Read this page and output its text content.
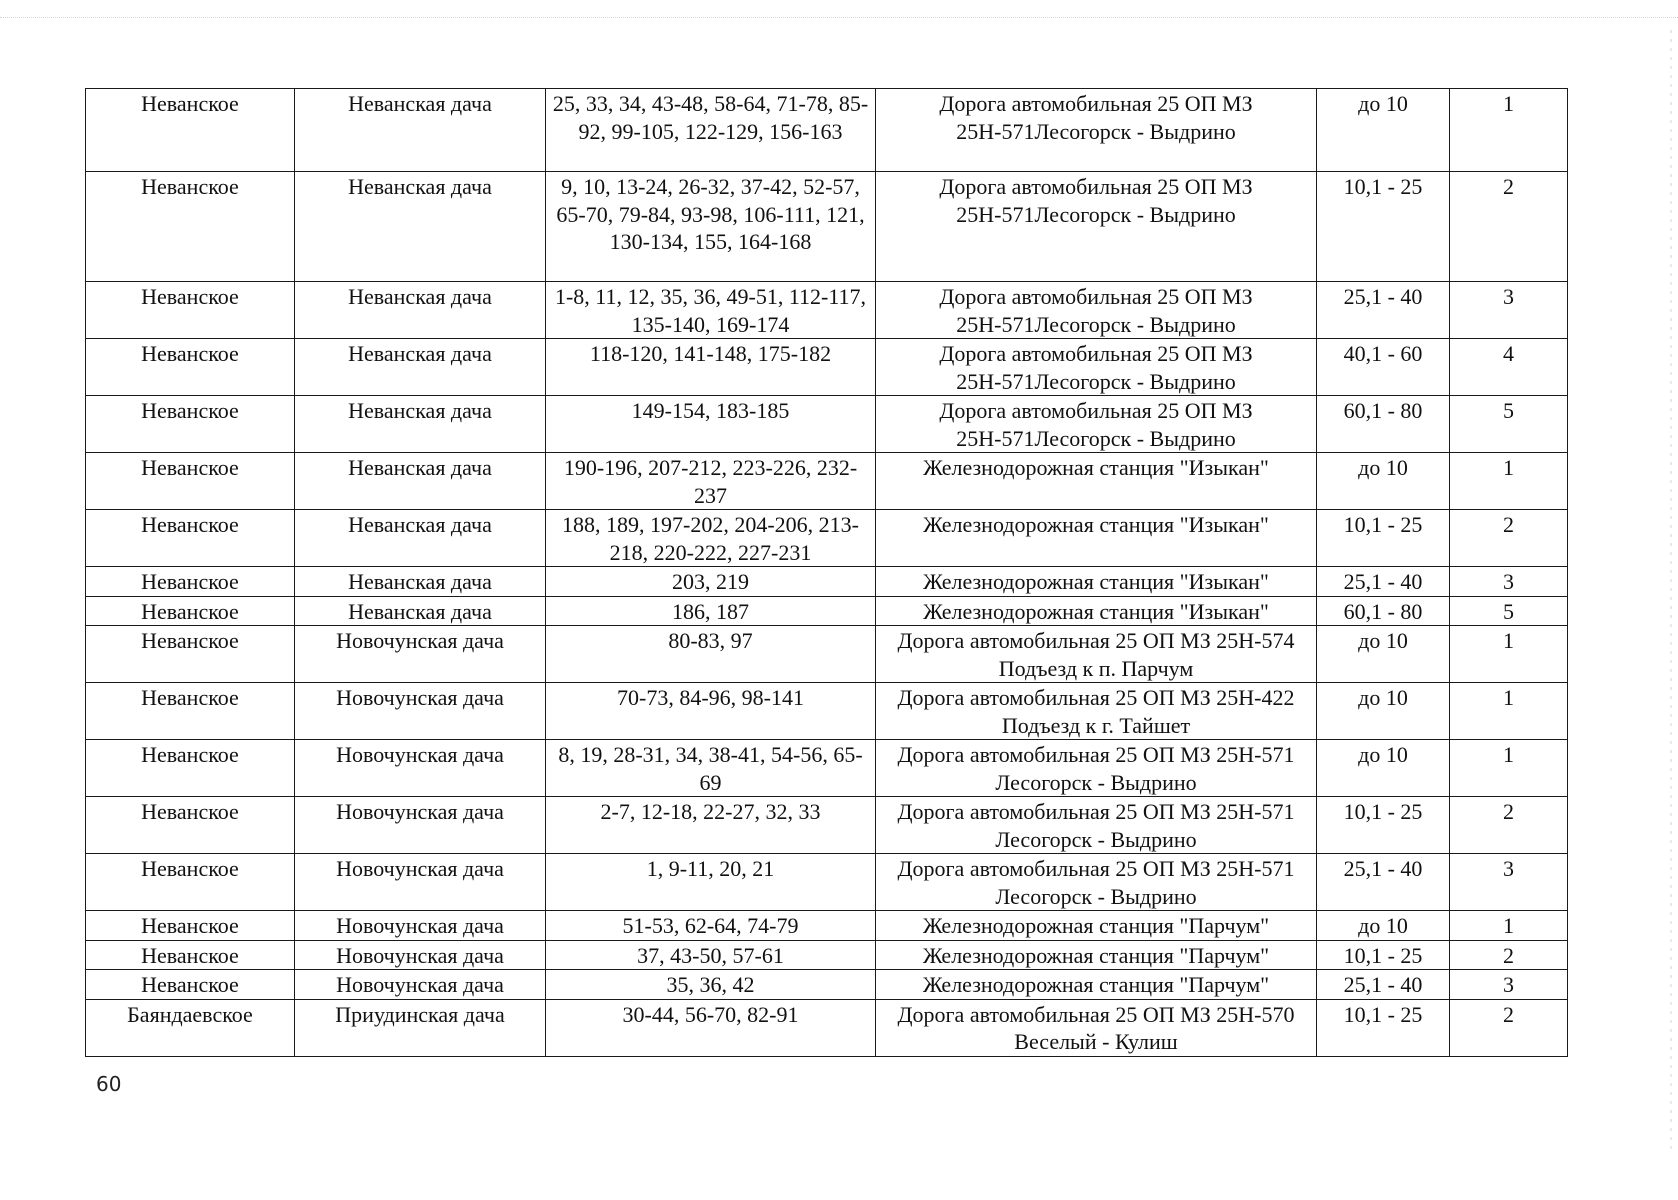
Неванское	Неванская дача	25, 33, 34, 43-48, 58-64, 71-78, 85-92, 99-105, 122-129, 156-163	Дорога автомобильная 25 ОП МЗ 25Н-571Лесогорск - Выдрино	до 10	1
Неванское	Неванская дача	9, 10, 13-24, 26-32, 37-42, 52-57, 65-70, 79-84, 93-98, 106-111, 121, 130-134, 155, 164-168	Дорога автомобильная 25 ОП МЗ 25Н-571Лесогорск - Выдрино	10,1 - 25	2
Неванское	Неванская дача	1-8, 11, 12, 35, 36, 49-51, 112-117, 135-140, 169-174	Дорога автомобильная 25 ОП МЗ 25Н-571Лесогорск - Выдрино	25,1 - 40	3
Неванское	Неванская дача	118-120, 141-148, 175-182	Дорога автомобильная 25 ОП МЗ 25Н-571Лесогорск - Выдрино	40,1 - 60	4
Неванское	Неванская дача	149-154, 183-185	Дорога автомобильная 25 ОП МЗ 25Н-571Лесогорск - Выдрино	60,1 - 80	5
Неванское	Неванская дача	190-196, 207-212, 223-226, 232-237	Железнодорожная станция "Изыкан"	до 10	1
Неванское	Неванская дача	188, 189, 197-202, 204-206, 213-218, 220-222, 227-231	Железнодорожная станция "Изыкан"	10,1 - 25	2
Неванское	Неванская дача	203, 219	Железнодорожная станция "Изыкан"	25,1 - 40	3
Неванское	Неванская дача	186, 187	Железнодорожная станция "Изыкан"	60,1 - 80	5
Неванское	Новочунская дача	80-83, 97	Дорога автомобильная 25 ОП МЗ 25Н-574 Подъезд к п. Парчум	до 10	1
Неванское	Новочунская дача	70-73, 84-96, 98-141	Дорога автомобильная 25 ОП МЗ 25Н-422 Подъезд к г. Тайшет	до 10	1
Неванское	Новочунская дача	8, 19, 28-31, 34, 38-41, 54-56, 65-69	Дорога автомобильная 25 ОП МЗ 25Н-571 Лесогорск - Выдрино	до 10	1
Неванское	Новочунская дача	2-7, 12-18, 22-27, 32, 33	Дорога автомобильная 25 ОП МЗ 25Н-571 Лесогорск - Выдрино	10,1 - 25	2
Неванское	Новочунская дача	1, 9-11, 20, 21	Дорога автомобильная 25 ОП МЗ 25Н-571 Лесогорск - Выдрино	25,1 - 40	3
Неванское	Новочунская дача	51-53, 62-64, 74-79	Железнодорожная станция "Парчум"	до 10	1
Неванское	Новочунская дача	37, 43-50, 57-61	Железнодорожная станция "Парчум"	10,1 - 25	2
Неванское	Новочунская дача	35, 36, 42	Железнодорожная станция "Парчум"	25,1 - 40	3
Баяндаевское	Приудинская дача	30-44, 56-70, 82-91	Дорога автомобильная 25 ОП МЗ 25Н-570 Веселый - Кулиш	10,1 - 25	2
60
